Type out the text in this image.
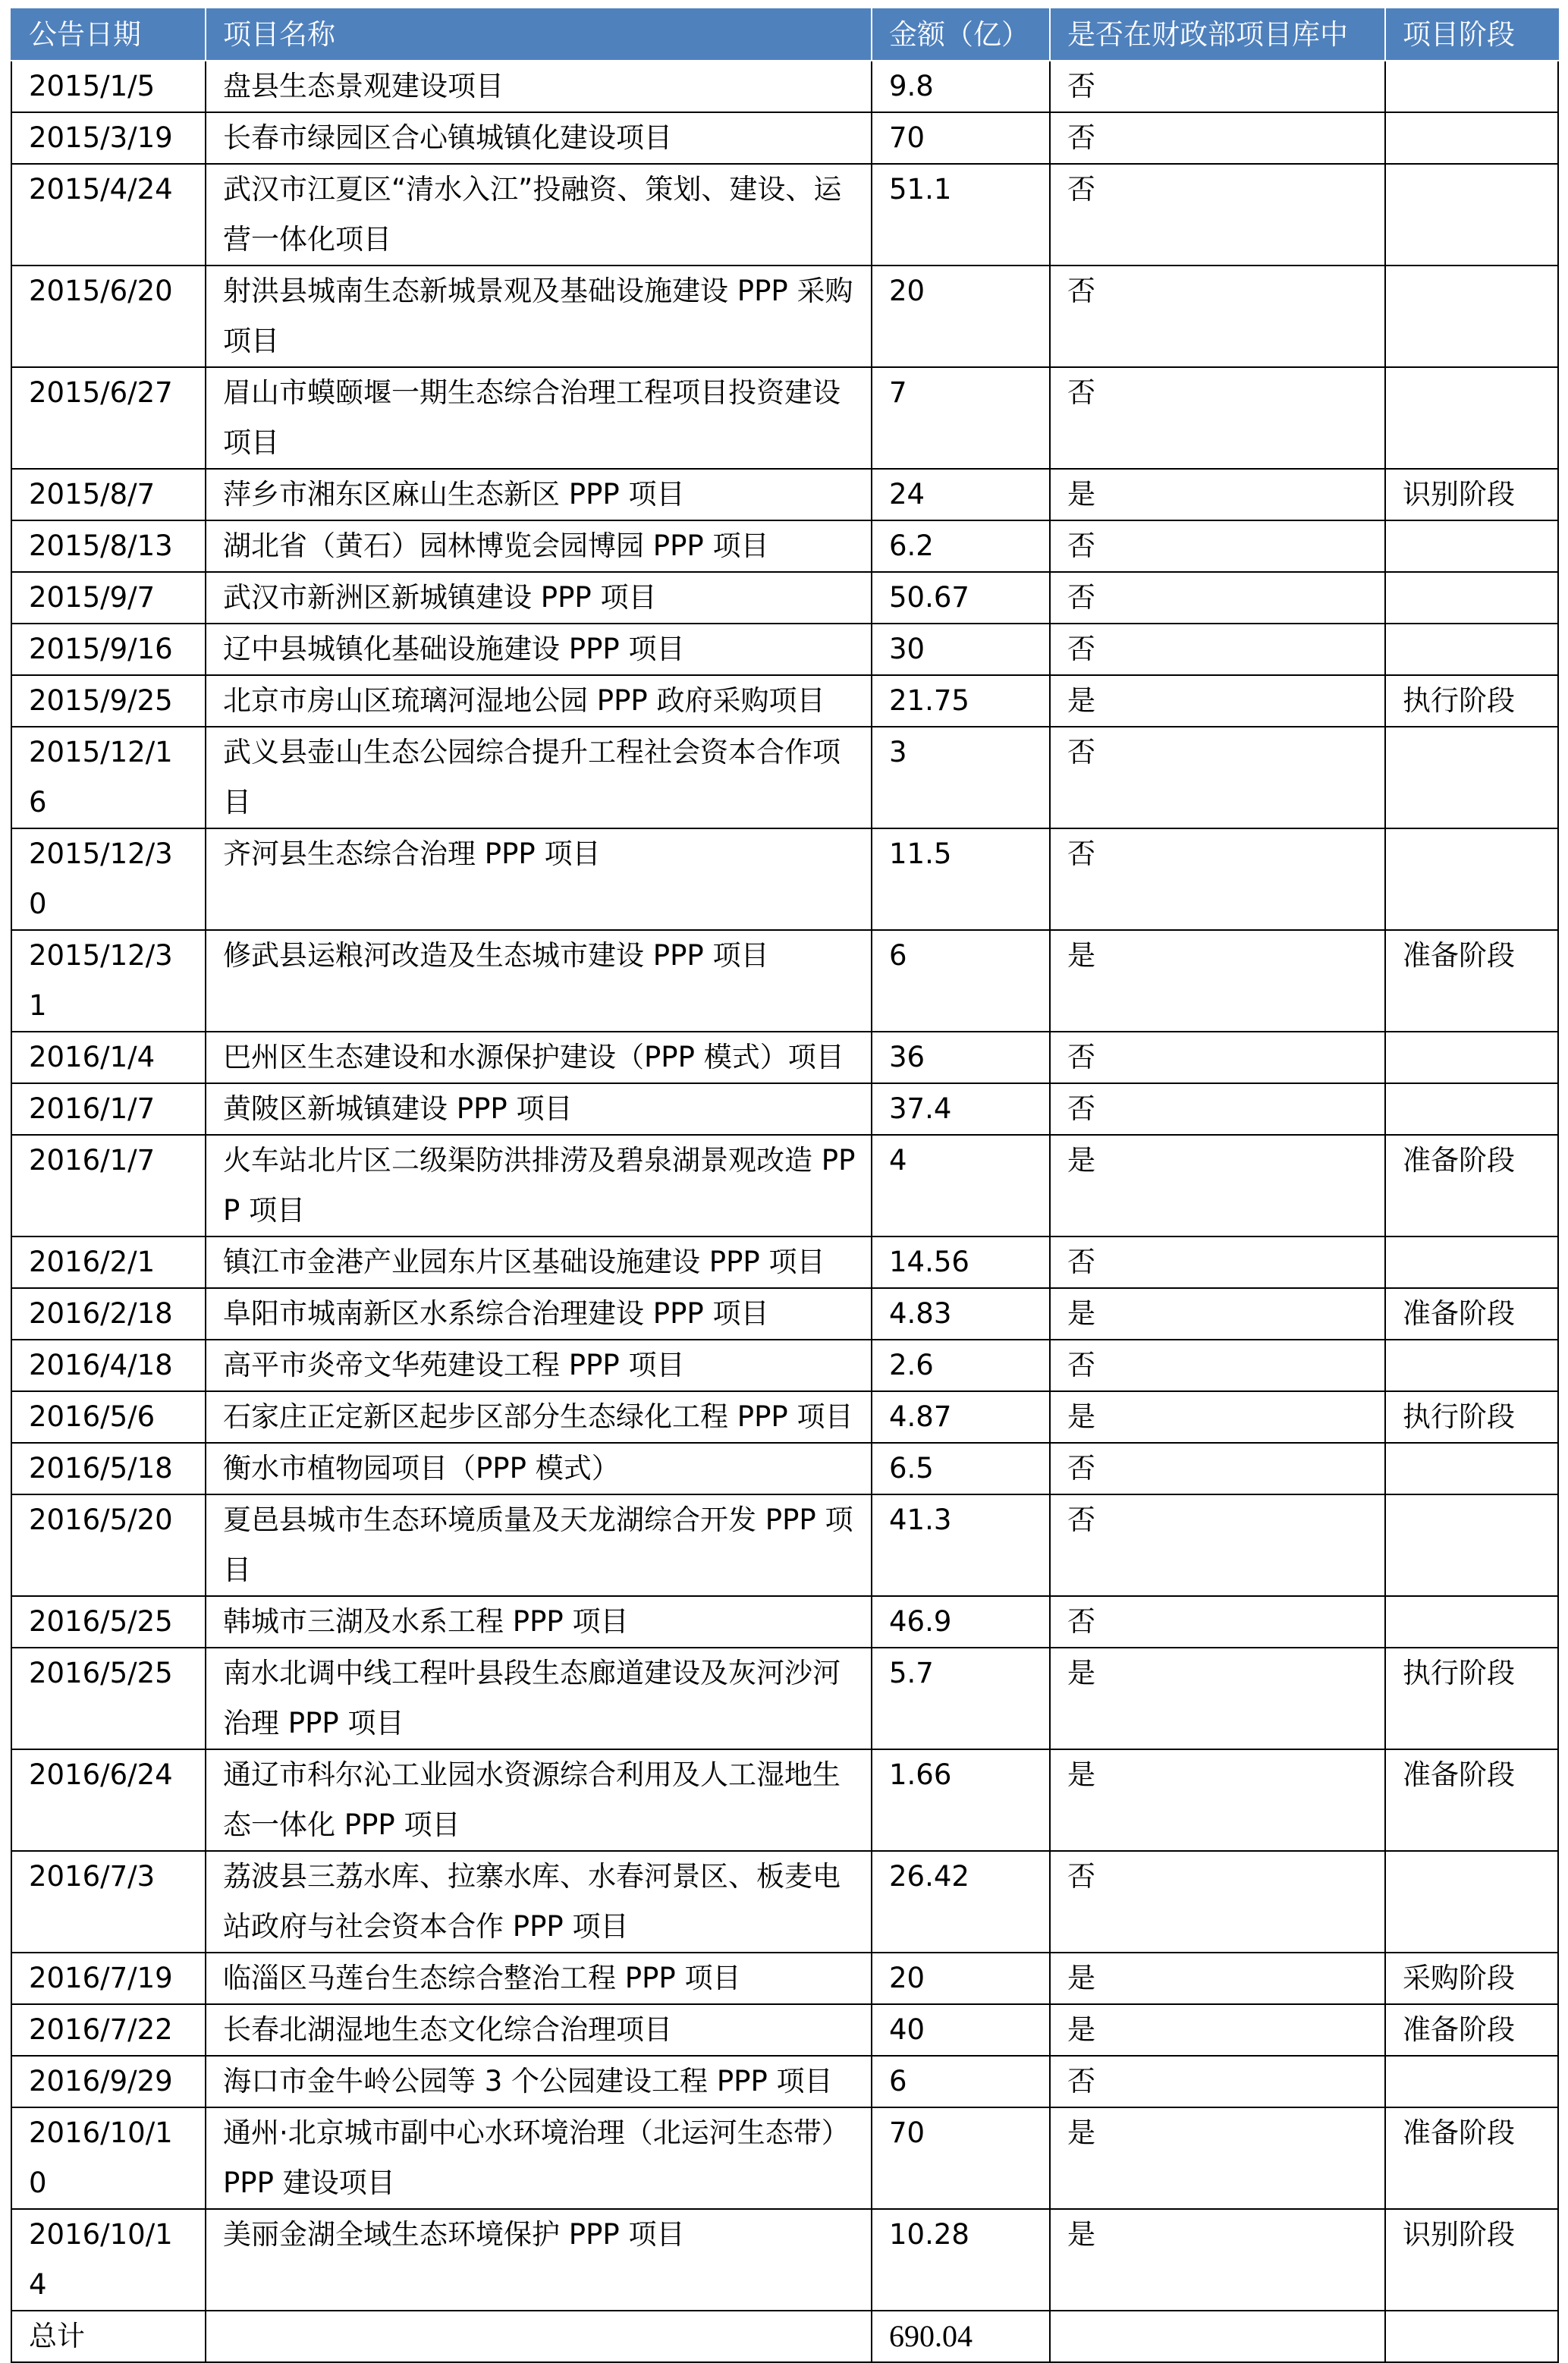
公告日期	项目名称	金额（亿）	是否在财政部项目库中	项目阶段
2015/1/5	盘县生态景观建设项目	9.8	否	
2015/3/19	长春市绿园区合心镇城镇化建设项目	70	否	
2015/4/24	武汉市江夏区“清水入江”投融资、策划、建设、运营一体化项目	51.1	否	
2015/6/20	射洪县城南生态新城景观及基础设施建设 PPP 采购项目	20	否	
2015/6/27	眉山市蟆颐堰一期生态综合治理工程项目投资建设项目	7	否	
2015/8/7	萍乡市湘东区麻山生态新区 PPP 项目	24	是	识别阶段
2015/8/13	湖北省（黄石）园林博览会园博园 PPP 项目	6.2	否	
2015/9/7	武汉市新洲区新城镇建设 PPP 项目	50.67	否	
2015/9/16	辽中县城镇化基础设施建设 PPP 项目	30	否	
2015/9/25	北京市房山区琉璃河湿地公园 PPP 政府采购项目	21.75	是	执行阶段
2015/12/16	武义县壶山生态公园综合提升工程社会资本合作项目	3	否	
2015/12/30	齐河县生态综合治理 PPP 项目	11.5	否	
2015/12/31	修武县运粮河改造及生态城市建设 PPP 项目	6	是	准备阶段
2016/1/4	巴州区生态建设和水源保护建设（PPP 模式）项目	36	否	
2016/1/7	黄陂区新城镇建设 PPP 项目	37.4	否	
2016/1/7	火车站北片区二级渠防洪排涝及碧泉湖景观改造 PPP 项目	4	是	准备阶段
2016/2/1	镇江市金港产业园东片区基础设施建设 PPP 项目	14.56	否	
2016/2/18	阜阳市城南新区水系综合治理建设 PPP 项目	4.83	是	准备阶段
2016/4/18	高平市炎帝文华苑建设工程 PPP 项目	2.6	否	
2016/5/6	石家庄正定新区起步区部分生态绿化工程 PPP 项目	4.87	是	执行阶段
2016/5/18	衡水市植物园项目（PPP 模式）	6.5	否	
2016/5/20	夏邑县城市生态环境质量及天龙湖综合开发 PPP 项目	41.3	否	
2016/5/25	韩城市三湖及水系工程 PPP 项目	46.9	否	
2016/5/25	南水北调中线工程叶县段生态廊道建设及灰河沙河治理 PPP 项目	5.7	是	执行阶段
2016/6/24	通辽市科尔沁工业园水资源综合利用及人工湿地生态一体化 PPP 项目	1.66	是	准备阶段
2016/7/3	荔波县三荔水库、拉寨水库、水春河景区、板麦电站政府与社会资本合作 PPP 项目	26.42	否	
2016/7/19	临淄区马莲台生态综合整治工程 PPP 项目	20	是	采购阶段
2016/7/22	长春北湖湿地生态文化综合治理项目	40	是	准备阶段
2016/9/29	海口市金牛岭公园等 3 个公园建设工程 PPP 项目	6	否	
2016/10/10	通州·北京城市副中心水环境治理（北运河生态带）PPP 建设项目	70	是	准备阶段
2016/10/14	美丽金湖全域生态环境保护 PPP 项目	10.28	是	识别阶段
总计		690.04		
